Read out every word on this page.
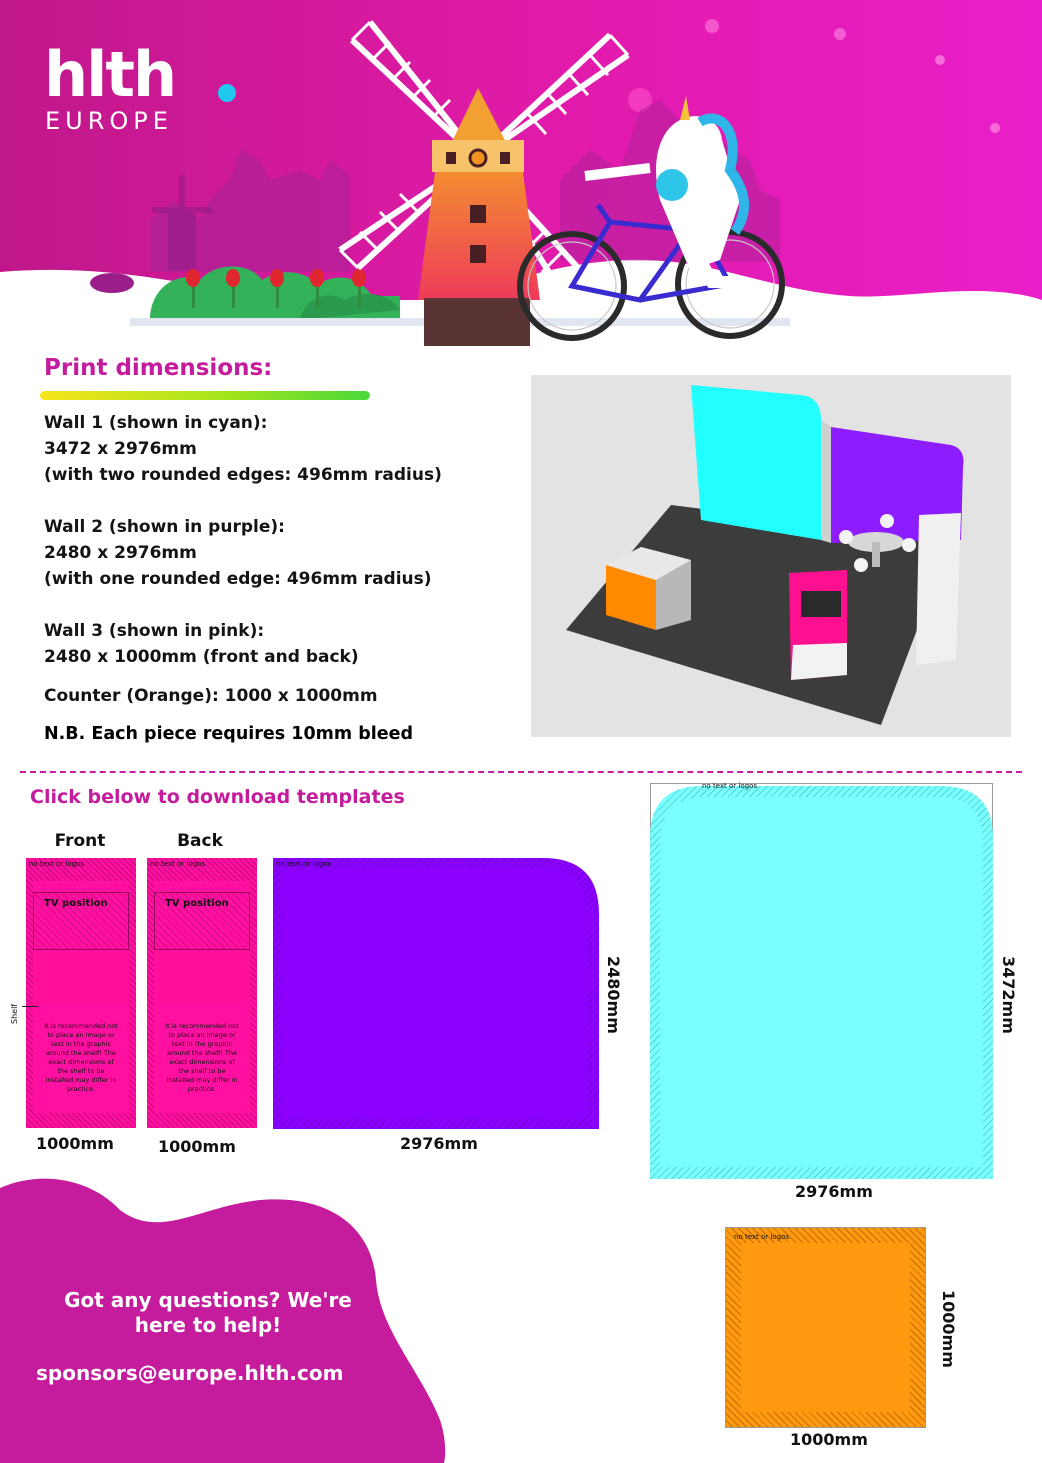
hlth
EUROPE
Print dimensions:
Wall 1 (shown in cyan):
3472 x 2976mm
(with two rounded edges: 496mm radius)
Wall 2 (shown in purple):
2480 x 2976mm
(with one rounded edge: 496mm radius)
Wall 3 (shown in pink):
2480 x 1000mm (front and back)
Counter (Orange): 1000 x 1000mm
N.B. Each piece requires 10mm bleed
Click below to download templates
Front	Back
no text or logos
TV position
It is recommended not to place an image or text in the graphic around the shelf! The exact dimensions of the shelf to be installed may differ in practice.
Shelf
no text or logos
TV position
It is recommended not to place an image or text in the graphic around the shelf! The exact dimensions of the shelf to be installed may differ in practice.
1000mm	1000mm
no text or logos
2480mm
2976mm
no text or logos
3472mm
2976mm
no text or logos
1000mm
1000mm
Got any questions? We're here to help!
sponsors@europe.hlth.com
